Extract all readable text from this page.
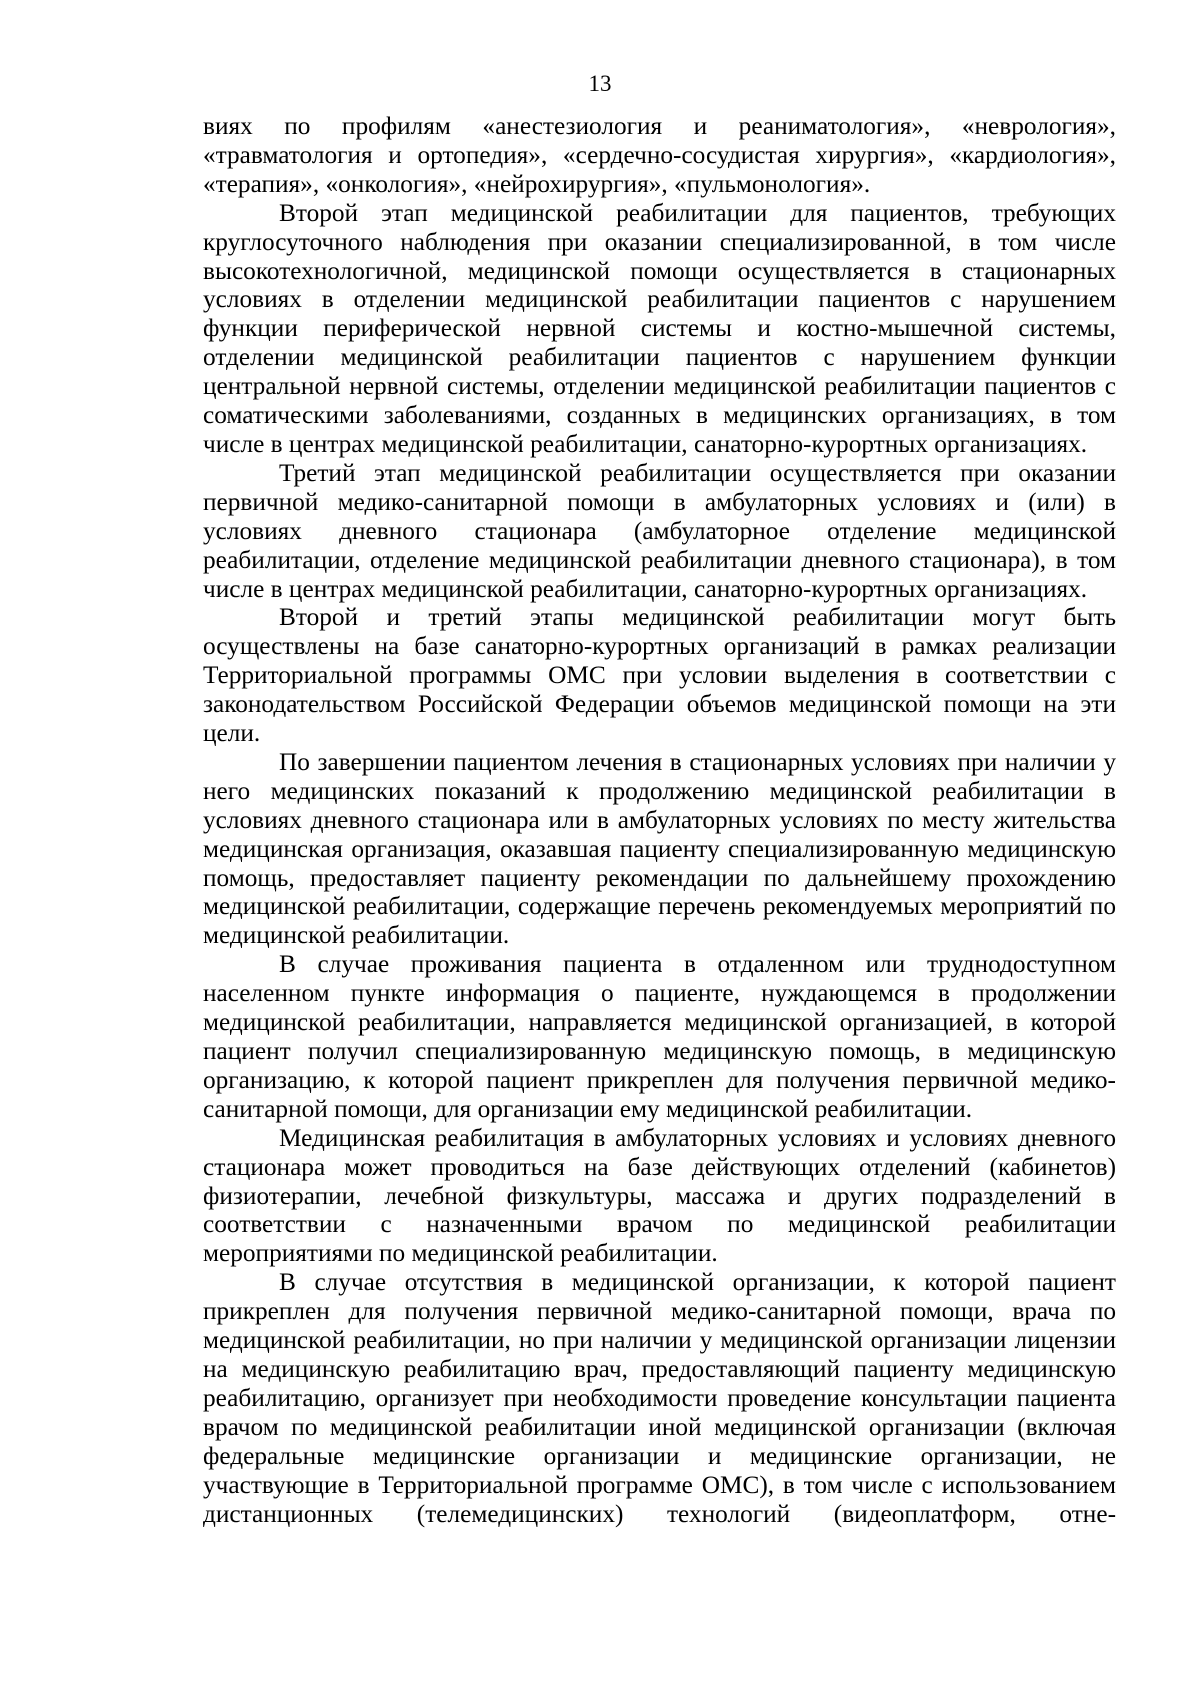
13

виях по профилям «анестезиология и реаниматология», «неврология», «травматология и ортопедия», «сердечно-сосудистая хирургия», «кардиология», «терапия», «онкология», «нейрохирургия», «пульмонология».

Второй этап медицинской реабилитации для пациентов, требующих круглосуточного наблюдения при оказании специализированной, в том числе высокотехнологичной, медицинской помощи осуществляется в стационарных условиях в отделении медицинской реабилитации пациентов с нарушением функции периферической нервной системы и костно-мышечной системы, отделении медицинской реабилитации пациентов с нарушением функции центральной нервной системы, отделении медицинской реабилитации пациентов с соматическими заболеваниями, созданных в медицинских организациях, в том числе в центрах медицинской реабилитации, санаторно-курортных организациях.

Третий этап медицинской реабилитации осуществляется при оказании первичной медико-санитарной помощи в амбулаторных условиях и (или) в условиях дневного стационара (амбулаторное отделение медицинской реабилитации, отделение медицинской реабилитации дневного стационара), в том числе в центрах медицинской реабилитации, санаторно-курортных организациях.

Второй и третий этапы медицинской реабилитации могут быть осуществлены на базе санаторно-курортных организаций в рамках реализации Территориальной программы ОМС при условии выделения в соответствии с законодательством Российской Федерации объемов медицинской помощи на эти цели.

По завершении пациентом лечения в стационарных условиях при наличии у него медицинских показаний к продолжению медицинской реабилитации в условиях дневного стационара или в амбулаторных условиях по месту жительства медицинская организация, оказавшая пациенту специализированную медицинскую помощь, предоставляет пациенту рекомендации по дальнейшему прохождению медицинской реабилитации, содержащие перечень рекомендуемых мероприятий по медицинской реабилитации.

В случае проживания пациента в отдаленном или труднодоступном населенном пункте информация о пациенте, нуждающемся в продолжении медицинской реабилитации, направляется медицинской организацией, в которой пациент получил специализированную медицинскую помощь, в медицинскую организацию, к которой пациент прикреплен для получения первичной медико-санитарной помощи, для организации ему медицинской реабилитации.

Медицинская реабилитация в амбулаторных условиях и условиях дневного стационара может проводиться на базе действующих отделений (кабинетов) физиотерапии, лечебной физкультуры, массажа и других подразделений в соответствии с назначенными врачом по медицинской реабилитации мероприятиями по медицинской реабилитации.

В случае отсутствия в медицинской организации, к которой пациент прикреплен для получения первичной медико-санитарной помощи, врача по медицинской реабилитации, но при наличии у медицинской организации лицензии на медицинскую реабилитацию врач, предоставляющий пациенту медицинскую реабилитацию, организует при необходимости проведение консультации пациента врачом по медицинской реабилитации иной медицинской организации (включая федеральные медицинские организации и медицинские организации, не участвующие в Территориальной программе ОМС), в том числе с использованием дистанционных (телемедицинских) технологий (видеоплатформ, отне-
